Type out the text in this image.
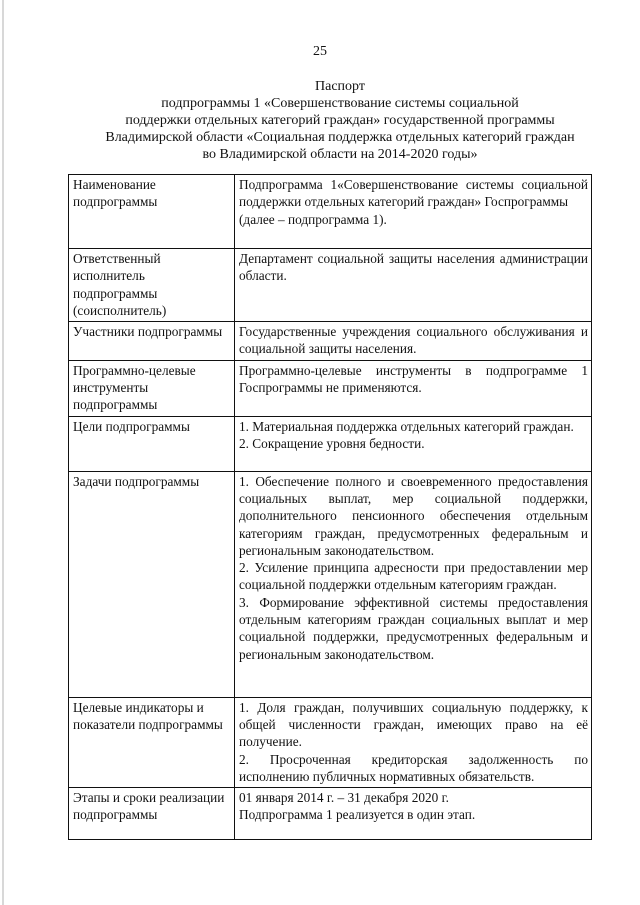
25
Паспорт
подпрограммы 1 «Совершенствование системы социальной
поддержки отдельных категорий граждан» государственной программы
Владимирской области «Социальная поддержка отдельных категорий граждан
во Владимирской области на 2014-2020 годы»
Наименование подпрограммы	Подпрограмма 1«Совершенствование системы социальной поддержки отдельных категорий граждан» Госпрограммы

(далее – подпрограмма 1).

Ответственный исполнитель подпрограммы (соисполнитель)	Департамент социальной защиты населения администрации области.

Участники подпрограммы	Государственные учреждения социального обслуживания и социальной защиты населения.

Программно-целевые инструменты подпрограммы	Программно-целевые инструменты в подпрограмме 1 Госпрограммы не применяются.

Цели подпрограммы	1. Материальная поддержка отдельных категорий граждан.

2. Сокращение уровня бедности.

Задачи подпрограммы	1. Обеспечение полного и своевременного предоставления социальных выплат, мер социальной поддержки, дополнительного пенсионного обеспечения отдельным категориям граждан, предусмотренных федеральным и региональным законодательством.

2. Усиление принципа адресности при предоставлении мер социальной поддержки отдельным категориям граждан.

3. Формирование эффективной системы предоставления отдельным категориям граждан социальных выплат и мер социальной поддержки, предусмотренных федеральным и региональным законодательством.

Целевые индикаторы и показатели подпрограммы	1. Доля граждан, получивших социальную поддержку, к общей численности граждан, имеющих право на её получение.

2. Просроченная кредиторская задолженность по исполнению публичных нормативных обязательств.

Этапы и сроки реализации подпрограммы	01 января 2014 г. – 31 декабря 2020 г.

Подпрограмма 1 реализуется в один этап.
